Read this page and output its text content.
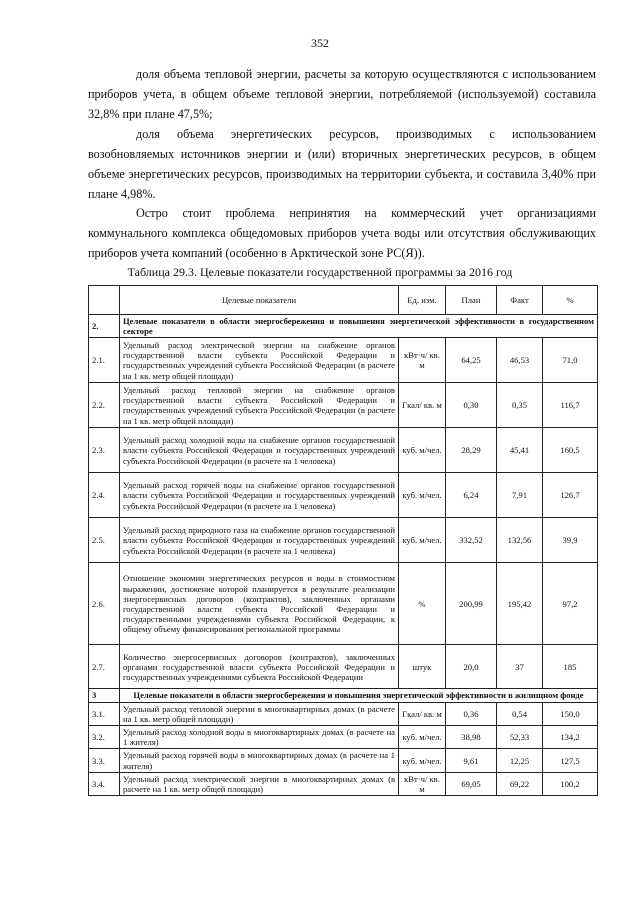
352

доля объема тепловой энергии, расчеты за которую осуществляются с использованием приборов учета, в общем объеме тепловой энергии, потребляемой (используемой) составила 32,8% при плане 47,5%;

доля объема энергетических ресурсов, производимых с использованием возобновляемых источников энергии и (или) вторичных энергетических ресурсов, в общем объеме энергетических ресурсов, производимых на территории субъекта, и составила 3,40% при плане 4,98%.

Остро стоит проблема непринятия на коммерческий учет организациями коммунального комплекса общедомовых приборов учета воды или отсутствия обслуживающих приборов учета компаний (особенно в Арктической зоне РС(Я)).

Таблица 29.3. Целевые показатели государственной программы за 2016 год
	Целевые показатели	Ед. изм.	План	Факт	%
2.	Целевые показатели в области энергосбережения и повышения энергетической эффективности в государственном секторе				
2.1.	Удельный расход электрической энергии на снабжение органов государственной власти субъекта Российской Федерации и государственных учреждений субъекта Российской Федерации (в расчете на 1 кв. метр общей площади)	кВт·ч/ кв. м	64,25	46,53	71,0
2.2.	Удельный расход тепловой энергии на снабжение органов государственной власти субъекта Российской Федерации и государственных учреждений субъекта Российской Федерации (в расчете на 1 кв. метр общей площади)	Гкал/ кв. м	0,30	0,35	116,7
2.3.	Удельный расход холодной воды на снабжение органов государственной власти субъекта Российской Федерации и государственных учреждений субъекта Российской Федерации (в расчете на 1 человека)	куб. м/чел.	28,29	45,41	160,5
2.4.	Удельный расход горячей воды на снабжение органов государственной власти субъекта Российской Федерации и государственных учреждений субъекта Российской Федерации (в расчете на 1 человека)	куб. м/чел.	6,24	7,91	126,7
2.5.	Удельный расход природного газа на снабжение органов государственной власти субъекта Российской Федерации и государственных учреждений субъекта Российской Федерации (в расчете на 1 человека)	куб. м/чел.	332,52	132,56	39,9
2.6.	Отношение экономии энергетических ресурсов и воды в стоимостном выражении, достижение которой планируется в результате реализации энергосервисных договоров (контрактов), заключенных органами государственной власти субъекта Российской Федерации и государственными учреждениями субъекта Российской Федерации, к общему объему финансирования региональной программы	%	200,99	195,42	97,2
2.7.	Количество энергосервисных договоров (контрактов), заключенных органами государственной власти субъекта Российской Федерации и государственных учреждениями субъекта Российской Федерации	штук	20,0	37	185
3	Целевые показатели в области энергосбережения и повышения энергетической эффективности в жилищном фонде				
3.1.	Удельный расход тепловой энергии в многоквартирных домах (в расчете на 1 кв. метр общей площади)	Гкал/ кв. м	0,36	0,54	150,0
3.2.	Удельный расход холодной воды в многоквартирных домах (в расчете на 1 жителя)	куб. м/чел.	38,98	52,33	134,2
3.3.	Удельный расход горячей воды в многоквартирных домах (в расчете на 1 жителя)	куб. м/чел.	9,61	12,25	127,5
3.4.	Удельный расход электрической энергии в многоквартирных домах (в расчете на 1 кв. метр общей площади)	кВт·ч/ кв. м	69,05	69,22	100,2
